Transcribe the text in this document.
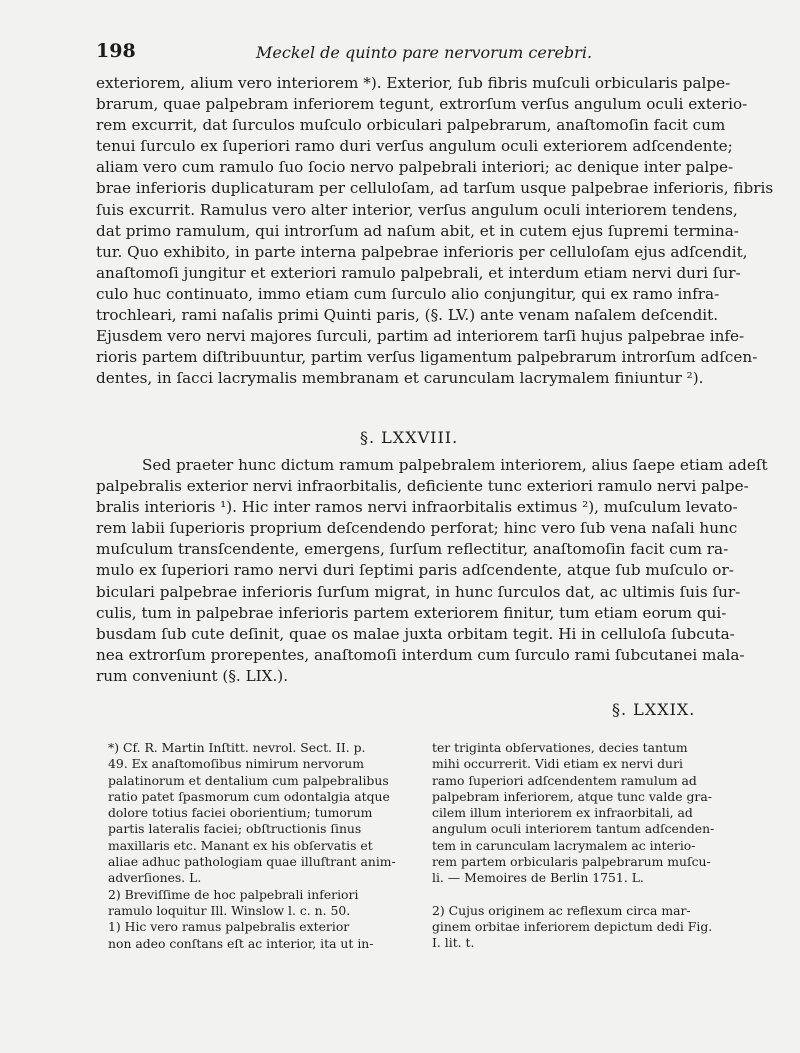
198	Meckel de quinto pare nervorum cerebri.
exteriorem, alium vero interiorem *). Exterior, ſub fibris muſculi orbicularis palpe-
brarum, quae palpebram inferiorem tegunt, extrorſum verſus angulum oculi exterio-
rem excurrit, dat ſurculos muſculo orbiculari palpebrarum, anaſtomoſin facit cum
tenui ſurculo ex ſuperiori ramo duri verſus angulum oculi exteriorem adſcendente;
aliam vero cum ramulo ſuo ſocio nervo palpebrali interiori; ac denique inter palpe-
brae inferioris duplicaturam per celluloſam, ad tarſum usque palpebrae inferioris, fibris
ſuis excurrit. Ramulus vero alter interior, verſus angulum oculi interiorem tendens,
dat primo ramulum, qui introrſum ad naſum abit, et in cutem ejus ſupremi termina-
tur. Quo exhibito, in parte interna palpebrae inferioris per celluloſam ejus adſcendit,
anaſtomoſi jungitur et exteriori ramulo palpebrali, et interdum etiam nervi duri ſur-
culo huc continuato, immo etiam cum ſurculo alio conjungitur, qui ex ramo infra-
trochleari, rami naſalis primi Quinti paris, (§. LV.) ante venam naſalem deſcendit.
Ejusdem vero nervi majores ſurculi, partim ad interiorem tarſi hujus palpebrae infe-
rioris partem diſtribuuntur, partim verſus ligamentum palpebrarum introrſum adſcen-
dentes, in ſacci lacrymalis membranam et carunculam lacrymalem finiuntur ²).
§. LXXVIII.
Sed praeter hunc dictum ramum palpebralem interiorem, alius ſaepe etiam adeſt
palpebralis exterior nervi infraorbitalis, deficiente tunc exteriori ramulo nervi palpe-
bralis interioris ¹). Hic inter ramos nervi infraorbitalis extimus ²), muſculum levato-
rem labii ſuperioris proprium deſcendendo perforat; hinc vero ſub vena naſali hunc
muſculum transſcendente, emergens, ſurſum reflectitur, anaſtomoſin facit cum ra-
mulo ex ſuperiori ramo nervi duri ſeptimi paris adſcendente, atque ſub muſculo or-
biculari palpebrae inferioris ſurſum migrat, in hunc ſurculos dat, ac ultimis ſuis ſur-
culis, tum in palpebrae inferioris partem exteriorem finitur, tum etiam eorum qui-
busdam ſub cute deſinit, quae os malae juxta orbitam tegit. Hi in celluloſa ſubcuta-
nea extrorſum prorepentes, anaſtomoſi interdum cum ſurculo rami ſubcutanei mala-
rum conveniunt (§. LIX.).
§. LXXIX.
*) Cf. R. Martin Inſtitt. nevrol. Sect. II. p.
49. Ex anaſtomoſibus nimirum nervorum
palatinorum et dentalium cum palpebralibus
ratio patet ſpasmorum cum odontalgia atque
dolore totius faciei oborientium; tumorum
partis lateralis faciei; obſtructionis ſinus
maxillaris etc. Manant ex his obſervatis et
aliae adhuc pathologiam quae illuſtrant anim-
adverſiones. L.
2) Breviſſime de hoc palpebrali inferiori
ramulo loquitur Ill. Winslow l. c. n. 50.
1) Hic vero ramus palpebralis exterior
non adeo conſtans eſt ac interior, ita ut in-
ter triginta obſervationes, decies tantum
mihi occurrerit. Vidi etiam ex nervi duri
ramo ſuperiori adſcendentem ramulum ad
palpebram inferiorem, atque tunc valde gra-
cilem illum interiorem ex infraorbitali, ad
angulum oculi interiorem tantum adſcenden-
tem in carunculam lacrymalem ac interio-
rem partem orbicularis palpebrarum muſcu-
li. — Memoires de Berlin 1751. L.
2) Cujus originem ac reflexum circa mar-
ginem orbitae inferiorem depictum dedi Fig.
I. lit. t.
